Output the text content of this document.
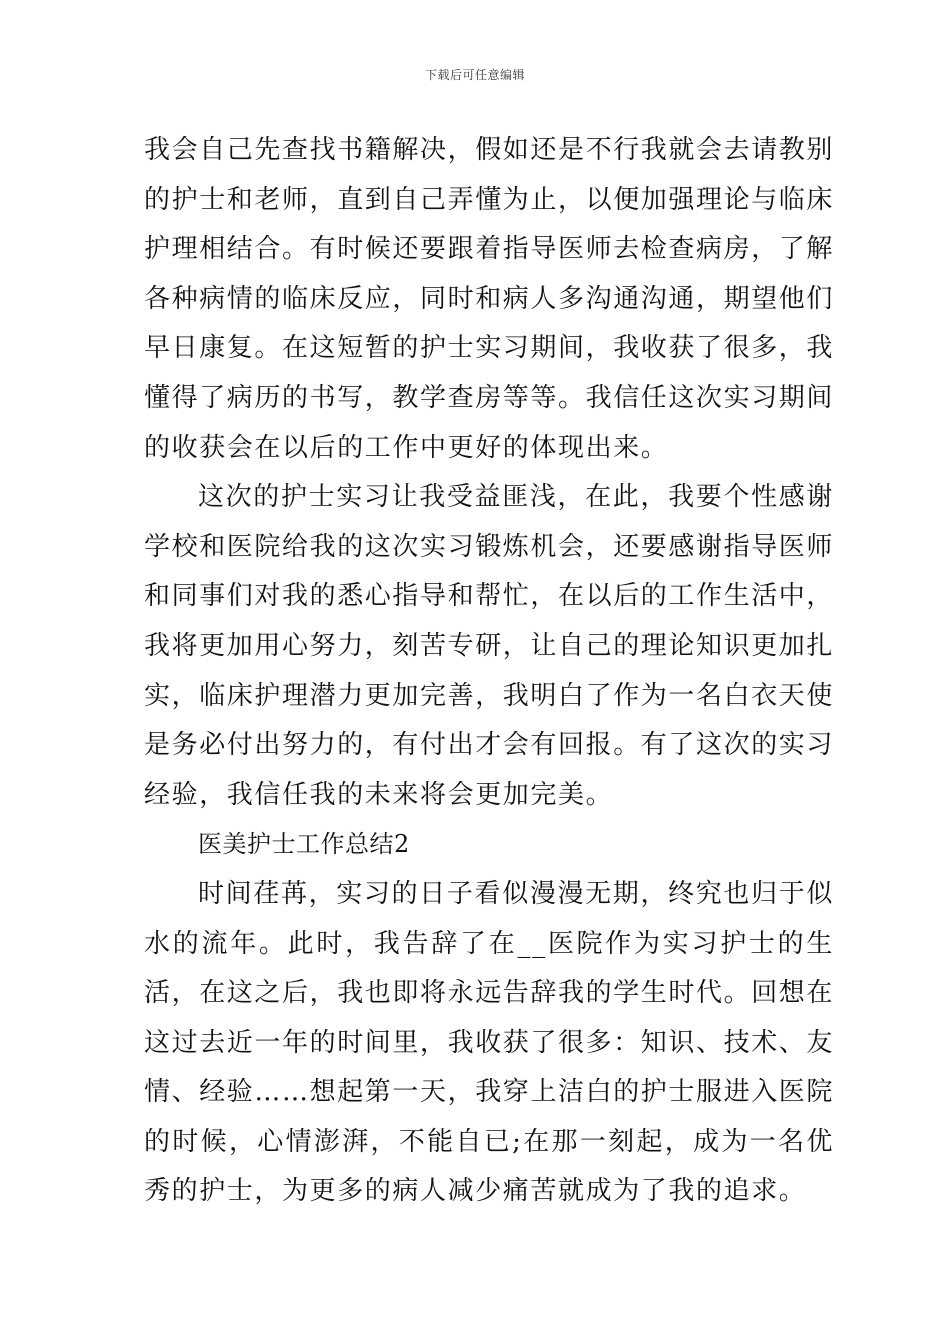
下载后可任意编辑

我会自己先查找书籍解决，假如还是不行我就会去请教别的护士和老师，直到自己弄懂为止，以便加强理论与临床护理相结合。有时候还要跟着指导医师去检查病房，了解各种病情的临床反应，同时和病人多沟通沟通，期望他们早日康复。在这短暂的护士实习期间，我收获了很多，我懂得了病历的书写，教学查房等等。我信任这次实习期间的收获会在以后的工作中更好的体现出来。

这次的护士实习让我受益匪浅，在此，我要个性感谢学校和医院给我的这次实习锻炼机会，还要感谢指导医师和同事们对我的悉心指导和帮忙，在以后的工作生活中，我将更加用心努力，刻苦专研，让自己的理论知识更加扎实，临床护理潜力更加完善，我明白了作为一名白衣天使是务必付出努力的，有付出才会有回报。有了这次的实习经验，我信任我的未来将会更加完美。

医美护士工作总结2

时间荏苒，实习的日子看似漫漫无期，终究也归于似水的流年。此时，我告辞了在__医院作为实习护士的生活，在这之后，我也即将永远告辞我的学生时代。回想在这过去近一年的时间里，我收获了很多：知识、技术、友情、经验……想起第一天，我穿上洁白的护士服进入医院的时候，心情澎湃，不能自已;在那一刻起，成为一名优秀的护士，为更多的病人减少痛苦就成为了我的追求。
